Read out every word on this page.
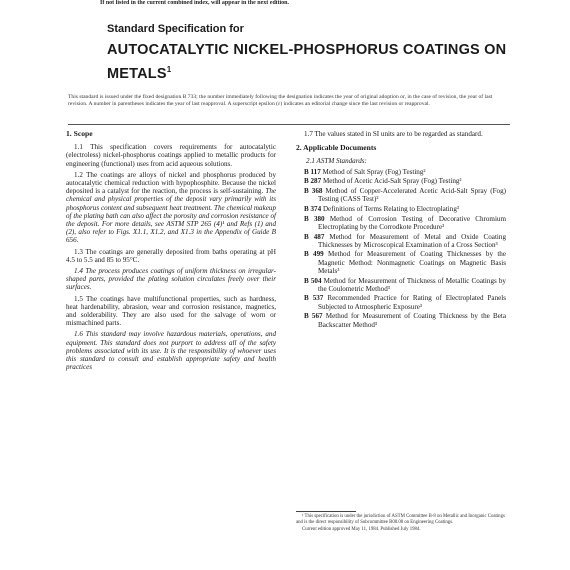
If not listed in the current combined index, will appear in the next edition.
Standard Specification for
AUTOCATALYTIC NICKEL-PHOSPHORUS COATINGS ON METALS$^1$
This standard is issued under the fixed designation B 733; the number immediately following the designation indicates the year of original adoption or, in the case of revision, the year of last revision. A number in parentheses indicates the year of last reapproval. A superscript epsilon (ε) indicates an editorial change since the last revision or reapproval.

1. Scope

1.1 This specification covers requirements for autocatalytic (electroless) nickel-phosphorus coatings applied to metallic products for engineering (functional) uses from acid aqueous solutions.

1.2 The coatings are alloys of nickel and phosphorus produced by autocatalytic chemical reduction with hypophosphite. Because the nickel deposited is a catalyst for the reaction, the process is self-sustaining. The chemical and physical properties of the deposit vary primarily with its phosphorus content and subsequent heat treatment. The chemical makeup of the plating bath can also affect the porosity and corrosion resistance of the deposit. For more details, see ASTM STP 265 (4)¹ and Refs (1) and (2), also refer to Figs. X1.1, X1.2, and X1.3 in the Appendix of Guide B 656.

1.3 The coatings are generally deposited from baths operating at pH 4.5 to 5.5 and 85 to 95°C.

1.4 The process produces coatings of uniform thickness on irregular-shaped parts, provided the plating solution circulates freely over their surfaces.

1.5 The coatings have multifunctional properties, such as hardness, heat hardenability, abrasion, wear and corrosion resistance, magnetics, and solderability. They are also used for the salvage of worn or mismachined parts.

1.6 This standard may involve hazardous materials, operations, and equipment. This standard does not purport to address all of the safety problems associated with its use. It is the responsibility of whoever uses this standard to consult and establish appropriate safety and health practices

1.7 The values stated in SI units are to be regarded as standard.

2. Applicable Documents

2.1 ASTM Standards:

B 117 Method of Salt Spray (Fog) Testing²

B 287 Method of Acetic Acid-Salt Spray (Fog) Testing²

B 368 Method of Copper-Accelerated Acetic Acid-Salt Spray (Fog) Testing (CASS Test)²

B 374 Definitions of Terms Relating to Electroplating³

B 380 Method of Corrosion Testing of Decorative Chromium Electroplating by the Corrodkote Procedure³

B 487 Method for Measurement of Metal and Oxide Coating Thicknesses by Microscopical Examination of a Cross Section³

B 499 Method for Measurement of Coating Thicknesses by the Magnetic Method: Nonmagnetic Coatings on Magnetic Basis Metals³

B 504 Method for Measurement of Thickness of Metallic Coatings by the Coulometric Method³

B 537 Recommended Practice for Rating of Electroplated Panels Subjected to Atmospheric Exposure³

B 567 Method for Measurement of Coating Thickness by the Beta Backscatter Method³

¹ This specification is under the jurisdiction of ASTM Committee B-8 on Metallic and Inorganic Coatings and is the direct responsibility of Subcommittee B08.08 on Engineering Coatings.

Current edition approved May 11, 1984. Published July 1984.
